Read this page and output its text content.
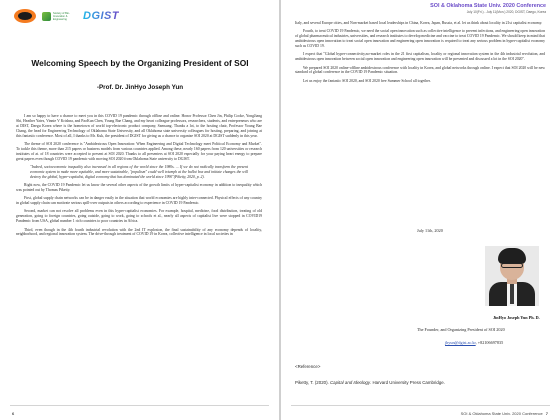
Society of Bio-Innovation & Engineering	DGIST
Welcoming Speech by the Organizing President of SOI
-Prof. Dr. JinHyo Joseph Yun

I am so happy to have a chance to meet you in this COVID 19 pandemic through offline and online. Honor Professor Chen Jin, Philip Cooke, YongJiang Shi, Heather Yates, Vinnie V Krishna, and PaoKun Chen, Young Bae Chang, and my heart colleague professors, researchers, students, and entrepreneurs who are at DIST, Daegu Korea where is the hometown of world top-electronic product company, Samsung. Thanks a lot, to the hosting chair, Professor Young Bae Chang, the head for Engineering Technology of Oklahoma State University, and all Oklahoma state university colleagues for hosting, preparing, and joining at this fantastic conference. Most of all, I thanks to Mr. Kuk, the president of DGIST for giving us a chance to organize SOI 2020 at DGIST suddenly in this year.

The theme of SOI 2020 conference is "Ambidextrous Open Innovation: When Engineering and Digital Technology meet Political Economy and Market". To tackle this theme, more than 215 papers or business models from various countries applied. Among these, nearly 160 papers from 120 universities or research institutes of at. of 18 countries were accepted to present at SOI 2020. Thanks to all presenters at SOI 2020 especially for your paying heart energy to prepare great papers even though COVID 19 pandemic with moving SOI 2020 from Oklahoma State university to DGIST.

"Indeed, socioeconomic inequality also increased in all regions of the world since the 1980s. ... If we do not radically transform the present economic system to make more equitable, and more sustainable, "populism" could well triumph at the ballot box and initiate changes the will destroy the global, hyper-capitalist, digital economy that has dominated the world since 1990"(Piketty, 2020, p. 2).

Right now, the COVID 19 Pandemic let us know the several other aspects of the growth limits of hyper-capitalist economy in addition to inequality which was pointed out by Thomas Piketty.

First, global supply chain networks can be in danger easily in the situation that world economies are highly inter-connected. Physical effects of any country in global supply chain can motivate serious spill-over outputs in others according to experience in COVID 19 Pandemic.

Second, market can not resolve all problems even in this hyper-capitalist economies. For example, hospital, medicine, food distribution, treating of old generation, going to foreign countries, going outside, going to work, going to schools et al., nearly all aspects of capitalist live were stopped in COVID19 Pandemic from USA, global number 1 rich countries to poor countries in Africa.

Third, even though in the 4th fourth industrial revolution with the 2nd IT explosion, the final sustainability of any economy depends of locality, neighborhood, and regional innovation system. The drive-through treatment of COVID 19 in Korea, collective intelligence in local societies in

6
SOI & Oklahoma State Univ. 2020 Conference
July 10(Fri.) - July 11(Mon.) 2020, DGIST, Daegu, Korea

Italy, and several Europe cities, and Non-market based local leaderships in China, Korea, Japan, Russia, et al. let us think about locality in 21st capitalist economy.

Fourth, to treat COVID 19 Pandemic, we need the social open innovation such as collective intelligence to prevent infections, and engineering open innovation of global pharmaceutical industries, universities, and research institutes to develop medicine and vaccine to treat COVID 19 Pandemic. We should keep in mind that ambidextrous open innovation to treat social open innovation and engineering open innovation is required to treat any serious problem in hyper-capitalist economy such as COVID 19.

I expect that "Global hyper-connectivity,no-market roles in the 21 first capitalism, locality or regional innovation system in the 4th industrial revolution, and ambidextrous open innovation between social open innovation and engineering open innovation will be presented and discussed a lot in the SOI 2020".

We prepared SOI 2020 online-offline ambidextrous conference with locality in Korea, and global networks through online. I expect that SOI 2020 will be new standard of global conference in the COVID 19 Pandemic situation.

Let us enjoy the fantastic SOI 2020, and SOI 2020 free Summer School all together.

July 11th, 2020
JinHyo Joseph Yun Ph. D.
The Founder, and Organizing President of SOI 2020
jhyun@dgist.ac.kr, +82106697835
<Reference>
Piketty, T. (2020). Capital and Ideology. Harvard University Press Cambridge.
SOI & Oklahoma State Univ. 2020 Conference 7
